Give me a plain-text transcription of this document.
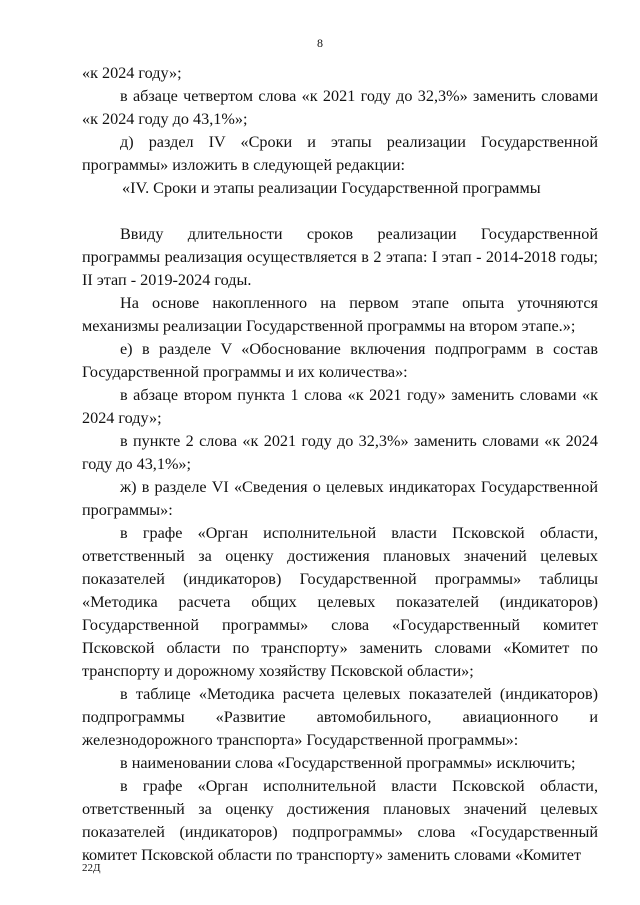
8

«к 2024 году»;

в абзаце четвертом слова «к 2021 году до 32,3%» заменить словами «к 2024 году до 43,1%»;

д) раздел IV «Сроки и этапы реализации Государственной программы» изложить в следующей редакции:

«IV. Сроки и этапы реализации Государственной программы

Ввиду длительности сроков реализации Государственной программы реализация осуществляется в 2 этапа: I этап - 2014-2018 годы; II этап - 2019-2024 годы.

На основе накопленного на первом этапе опыта уточняются механизмы реализации Государственной программы на втором этапе.»;

е) в разделе V «Обоснование включения подпрограмм в состав Государственной программы и их количества»:

в абзаце втором пункта 1 слова «к 2021 году» заменить словами «к 2024 году»;

в пункте 2 слова «к 2021 году до 32,3%» заменить словами «к 2024 году до 43,1%»;

ж) в разделе VI «Сведения о целевых индикаторах Государственной программы»:

в графе «Орган исполнительной власти Псковской области, ответственный за оценку достижения плановых значений целевых показателей (индикаторов) Государственной программы» таблицы «Методика расчета общих целевых показателей (индикаторов) Государственной программы» слова «Государственный комитет Псковской области по транспорту» заменить словами «Комитет по транспорту и дорожному хозяйству Псковской области»;

в таблице «Методика расчета целевых показателей (индикаторов) подпрограммы «Развитие автомобильного, авиационного и железнодорожного транспорта» Государственной программы»:

в наименовании слова «Государственной программы» исключить;

в графе «Орган исполнительной власти Псковской области, ответственный за оценку достижения плановых значений целевых показателей (индикаторов) подпрограммы» слова «Государственный комитет Псковской области по транспорту» заменить словами «Комитет

22Д
